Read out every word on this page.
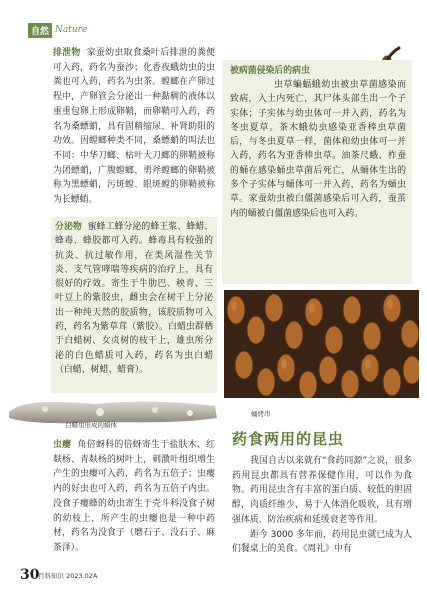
自然 Nature

排泄物 家蚕幼虫取食桑叶后排泄的粪便可入药，药名为蚕沙；化香夜蛾幼虫的虫粪也可入药，药名为虫茶。螳螂在产卵过程中，产卵管会分泌出一种黏稠的液体以重重包卵上形成卵鞘，而卵鞘可入药，药名为桑螵蛸，具有固精缩尿、补肾助阳的功效。因螳螂种类不同，桑螵蛸的叫法也不同：中华刀螂、枯叶大刀螂的卵鞘被称为团螵蛸，广腹螳螂、勇斧螳螂的卵鞘被称为黑螵蛸，污斑螳、眼斑螳的卵鞘被称为长螵蛸。

分泌物 蜜蜂工蜂分泌的蜂王浆、蜂蜡、蜂毒、蜂胶都可入药。蜂毒具有较强的抗炎、抗过敏作用，在类风湿性关节炎、支气管哮喘等疾病的治疗上，具有很好的疗效。寄生于牛肋巴、秧青、三叶豆上的紫胶虫，雌虫会在树干上分泌出一种纯天然的胶质物，该胶质物可入药，药名为紫草茸（紫胶）。白蜡虫群栖于白蜡树、女贞树的枝干上，雄虫所分泌的白色蜡质可入药，药名为虫白蜡（白蜡、树蜡、蜡膏）。

白蜡虫形成的蜡体

虫瘿 角倍蚜科的倍蚜寄生于盐肤木、红麸杨、青麸杨的树叶上，刺激叶组织增生产生的虫瘿可入药，药名为五倍子；虫瘿内的好虫也可入药，药名为五倍子内虫。没食子瘿蜂的幼虫寄生于壳斗科没食子树的幼枝上，所产生的虫瘿也是一种中药材，药名为没食子（磨石子、没石子、麻茶泽）。

被病菌侵染后的病虫

虫草蝙蝠蛾幼虫被虫草菌感染而致病，入土内死亡，其尸体头部生出一个子实体；子实体与幼虫体可一并入药，药名为冬虫夏草。茶木蛾幼虫感染亚香棒虫草菌后，与冬虫夏草一样，菌体和幼虫体可一并入药，药名为亚香棒虫草。油茶尺蛾、柞蚕的蛹在感染蛹虫草菌后死亡，从蛹体生出的多个子实体与蛹体可一并入药，药名为蛹虫草。家蚕幼虫被白僵菌感染后可入药，蚕茧内的蛹被白僵菌感染后也可入药。

蛹烤串
药食两用的昆虫

我国自古以来就有“食药同源”之说，很多药用昆虫都具有营养保健作用，可以作为食物。药用昆虫含有丰富的蛋白质、较低的胆固醇，肉质纤维少，易于人体消化吸收，具有增强体质、防治疾病和延缓衰老等作用。

距今 3000 多年前，药用昆虫就已成为人们餐桌上的美食。《周礼》中有

30
百科知识 2023.02A
